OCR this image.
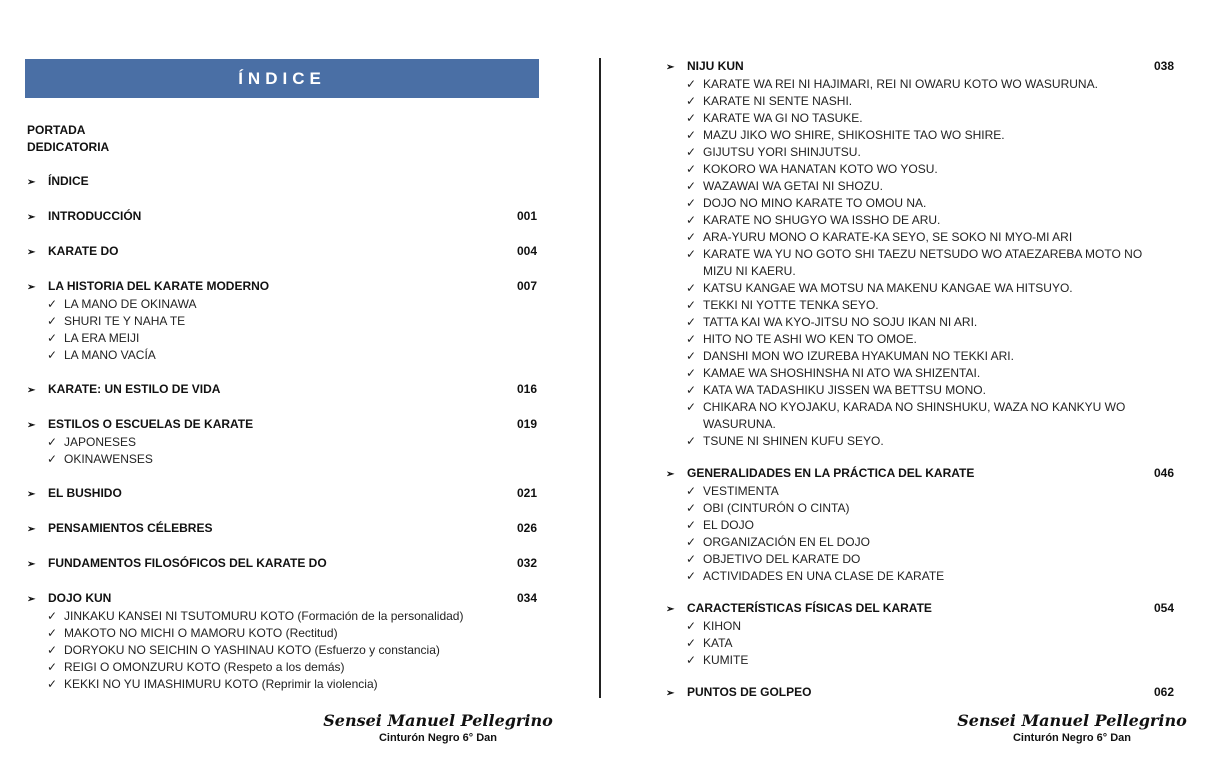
ÍNDICE
PORTADA
DEDICATORIA
➢	ÍNDICE
➢	INTRODUCCIÓN	001
➢	KARATE DO	004
➢	LA HISTORIA DEL KARATE MODERNO	007
✓ LA MANO DE OKINAWA
✓ SHURI TE Y NAHA TE
✓ LA ERA MEIJI
✓ LA MANO VACÍA
➢	KARATE: UN ESTILO DE VIDA	016
➢	ESTILOS O ESCUELAS DE KARATE	019
✓ JAPONESES
✓ OKINAWENSES
➢	EL BUSHIDO	021
➢	PENSAMIENTOS CÉLEBRES	026
➢	FUNDAMENTOS FILOSÓFICOS DEL KARATE DO	032
➢	DOJO KUN	034
✓ JINKAKU KANSEI NI TSUTOMURU KOTO (Formación de la personalidad)
✓ MAKOTO NO MICHI O MAMORU KOTO (Rectitud)
✓ DORYOKU NO SEICHIN O YASHINAU KOTO (Esfuerzo y constancia)
✓ REIGI O OMONZURU KOTO (Respeto a los demás)
✓ KEKKI NO YU IMASHIMURU KOTO (Reprimir la violencia)
➢	NIJU KUN	038
✓ KARATE WA REI NI HAJIMARI, REI NI OWARU KOTO WO WASURUNA.
✓ KARATE NI SENTE NASHI.
✓ KARATE WA GI NO TASUKE.
✓ MAZU JIKO WO SHIRE, SHIKOSHITE TAO WO SHIRE.
✓ GIJUTSU YORI SHINJUTSU.
✓ KOKORO WA HANATAN KOTO WO YOSU.
✓ WAZAWAI WA GETAI NI SHOZU.
✓ DOJO NO MINO KARATE TO OMOU NA.
✓ KARATE NO SHUGYO WA ISSHO DE ARU.
✓ ARA-YURU MONO O KARATE-KA SEYO, SE SOKO NI MYO-MI ARI
✓ KARATE WA YU NO GOTO SHI TAEZU NETSUDO WO ATAEZAREBA MOTO NO MIZU NI KAERU.
✓ KATSU KANGAE WA MOTSU NA MAKENU KANGAE WA HITSUYO.
✓ TEKKI NI YOTTE TENKA SEYO.
✓ TATTA KAI WA KYO-JITSU NO SOJU IKAN NI ARI.
✓ HITO NO TE ASHI WO KEN TO OMOE.
✓ DANSHI MON WO IZUREBA HYAKUMAN NO TEKKI ARI.
✓ KAMAE WA SHOSHINSHA NI ATO WA SHIZENTAI.
✓ KATA WA TADASHIKU JISSEN WA BETTSU MONO.
✓ CHIKARA NO KYOJAKU, KARADA NO SHINSHUKU, WAZA NO KANKYU WO WASURUNA.
✓ TSUNE NI SHINEN KUFU SEYO.
➢	GENERALIDADES EN LA PRÁCTICA DEL KARATE	046
✓ VESTIMENTA
✓ OBI (CINTURÓN O CINTA)
✓ EL DOJO
✓ ORGANIZACIÓN EN EL DOJO
✓ OBJETIVO DEL KARATE DO
✓ ACTIVIDADES EN UNA CLASE DE KARATE
➢	CARACTERÍSTICAS FÍSICAS DEL KARATE	054
✓ KIHON
✓ KATA
✓ KUMITE
➢	PUNTOS DE GOLPEO	062
Sensei Manuel Pellegrino
Cinturón Negro 6° Dan
Sensei Manuel Pellegrino
Cinturón Negro 6° Dan
